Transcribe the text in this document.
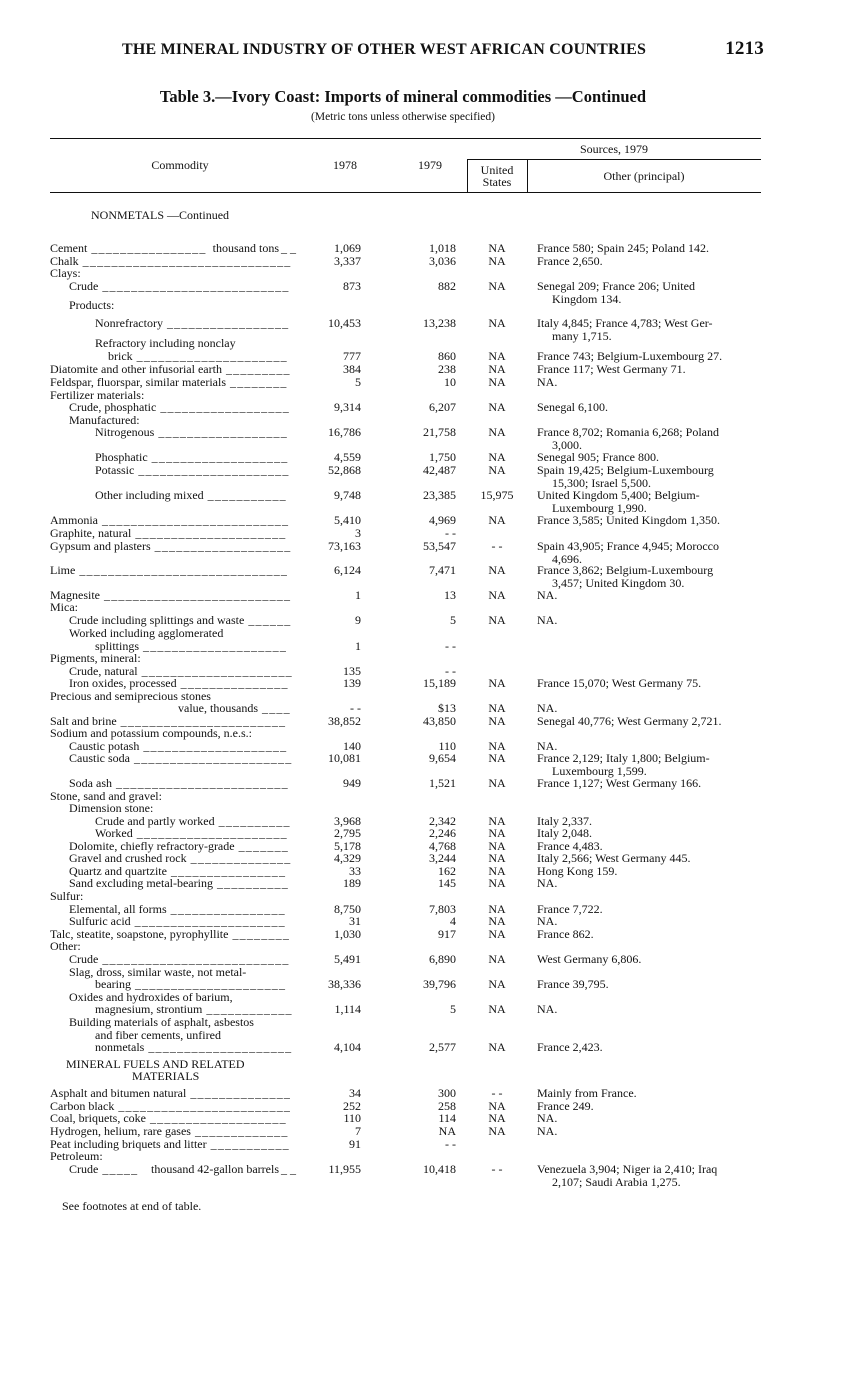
THE MINERAL INDUSTRY OF OTHER WEST AFRICAN COUNTRIES	1213
Table 3.—Ivory Coast: Imports of mineral commodities —Continued
(Metric tons unless otherwise specified)
Commodity	1978	1979
Sources, 1979
United
States	Other (principal)
NONMETALS —Continued
MINERAL FUELS AND RELATED
MATERIALS
Cement	thousand tons	1,069	1,018	NA	France 580; Spain 245; Poland 142.
_ _
________________
Chalk	3,337	3,036	NA	France 2,650.
_____________________________
Clays:
Crude	873	882	NA	Senegal 209; France 206; United
Kingdom 134.
__________________________
Products:
Nonrefractory	10,453	13,238	NA	Italy 4,845; France 4,783; West Ger-
many 1,715.
_________________
Refractory including nonclay
brick	777	860	NA	France 743; Belgium-Luxembourg 27.
_____________________
Diatomite and other infusorial earth	384	238	NA	France 117; West Germany 71.
_________
Feldspar, fluorspar, similar materials	5	10	NA	NA.
________
Fertilizer materials:
Crude, phosphatic	9,314	6,207	NA	Senegal 6,100.
__________________
Manufactured:
Nitrogenous	16,786	21,758	NA	France 8,702; Romania 6,268; Poland
3,000.
__________________
Phosphatic	4,559	1,750	NA	Senegal 905; France 800.
___________________
Potassic	52,868	42,487	NA	Spain 19,425; Belgium-Luxembourg
15,300; Israel 5,500.
_____________________
Other including mixed	9,748	23,385	15,975	United Kingdom 5,400; Belgium-
Luxembourg 1,990.
___________
Ammonia	5,410	4,969	NA	France 3,585; United Kingdom 1,350.
__________________________
Graphite, natural	3	- -
_____________________
Gypsum and plasters	73,163	53,547	- -	Spain 43,905; France 4,945; Morocco
4,696.
___________________
Lime	6,124	7,471	NA	France 3,862; Belgium-Luxembourg
3,457; United Kingdom 30.
_____________________________
Magnesite	1	13	NA	NA.
__________________________
Mica:
Crude including splittings and waste	9	5	NA	NA.
______
Worked including agglomerated
splittings	1	- -
____________________
Pigments, mineral:
Crude, natural	135	- -
_____________________
Iron oxides, processed	139	15,189	NA	France 15,070; West Germany 75.
_______________
Precious and semiprecious stones
value, thousands	- -	$13	NA	NA.
____
Salt and brine	38,852	43,850	NA	Senegal 40,776; West Germany 2,721.
_______________________
Sodium and potassium compounds, n.e.s.:
Caustic potash	140	110	NA	NA.
____________________
Caustic soda	10,081	9,654	NA	France 2,129; Italy 1,800; Belgium-
Luxembourg 1,599.
______________________
Soda ash	949	1,521	NA	France 1,127; West Germany 166.
________________________
Stone, sand and gravel:
Dimension stone:
Crude and partly worked	3,968	2,342	NA	Italy 2,337.
__________
Worked	2,795	2,246	NA	Italy 2,048.
_____________________
Dolomite, chiefly refractory-grade	5,178	4,768	NA	France 4,483.
_______
Gravel and crushed rock	4,329	3,244	NA	Italy 2,566; West Germany 445.
______________
Quartz and quartzite	33	162	NA	Hong Kong 159.
________________
Sand excluding metal-bearing	189	145	NA	NA.
__________
Sulfur:
Elemental, all forms	8,750	7,803	NA	France 7,722.
________________
Sulfuric acid	31	4	NA	NA.
_____________________
Talc, steatite, soapstone, pyrophyllite	1,030	917	NA	France 862.
________
Other:
Crude	5,491	6,890	NA	West Germany 6,806.
__________________________
Slag, dross, similar waste, not metal-
bearing	38,336	39,796	NA	France 39,795.
_____________________
Oxides and hydroxides of barium,
magnesium, strontium	1,114	5	NA	NA.
____________
Building materials of asphalt, asbestos
and fiber cements, unfired
nonmetals	4,104	2,577	NA	France 2,423.
____________________
Asphalt and bitumen natural	34	300	- -	Mainly from France.
______________
Carbon black	252	258	NA	France 249.
________________________
Coal, briquets, coke	110	114	NA	NA.
___________________
Hydrogen, helium, rare gases	7	NA	NA	NA.
_____________
Peat including briquets and litter	91	- -
___________
Petroleum:
Crude	thousand 42-gallon barrels	11,955	10,418	- -	Venezuela 3,904; Niger ia 2,410; Iraq
2,107; Saudi Arabia 1,275.
_ _
_____
See footnotes at end of table.
